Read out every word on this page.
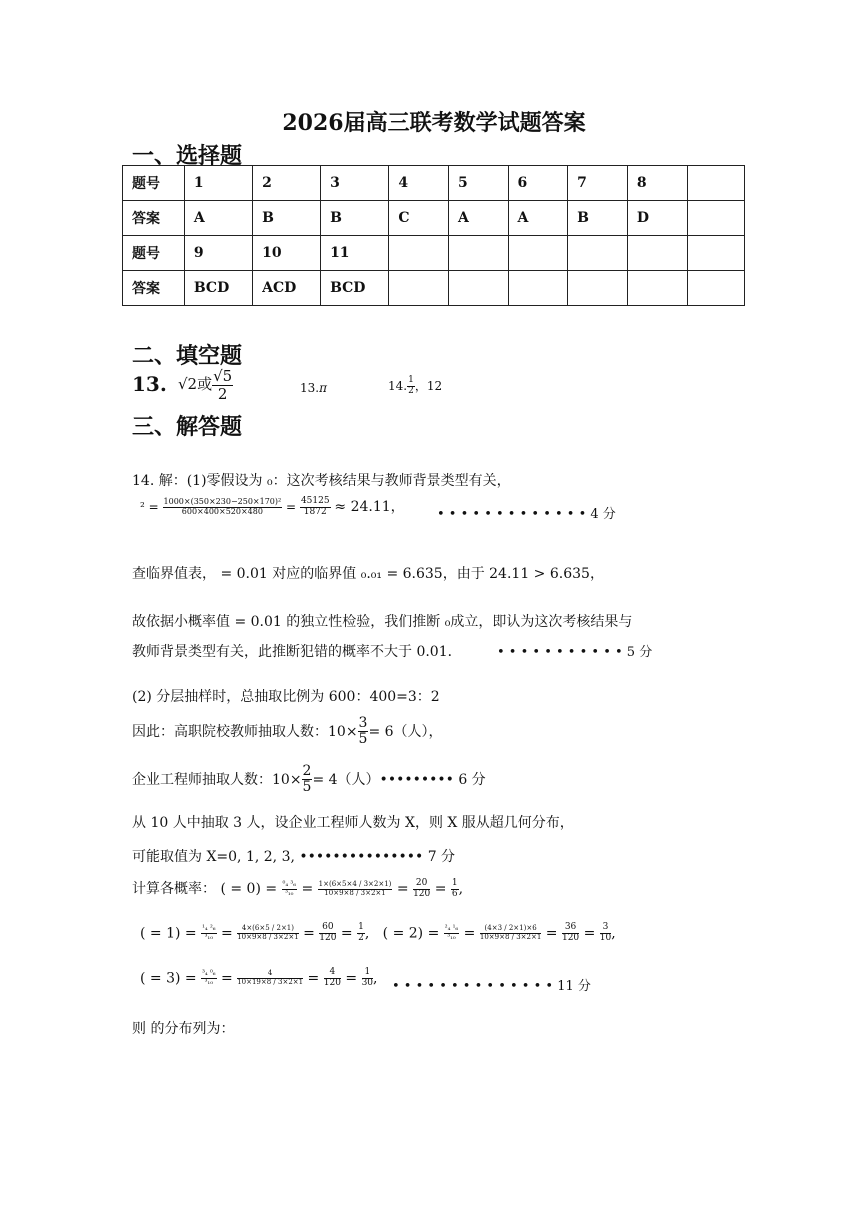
2026届高三联考数学试题答案
一、选择题
题号	1	2	3	4	5	6	7	8	
答案	A	B	B	C	A	A	B	D	
题号	9	10	11						
答案	BCD	ACD	BCD						
二、填空题
13. √2或 $\frac{√5}{2}$	13.π	14. $\frac{1}{2}$ ，12
三、解答题
14. 解：(1)零假设为 ₀：这次考核结果与教师背景类型有关，
$^2 = \frac{\text{1000×(350×230−250×170)²}}{600\times 400\times 520\times 480} = \frac{45125}{1872} \approx 24.11$， • • • • • • • • • • • • • 4 分
查临界值表， = 0.01 对应的临界值 ₀.₀₁ = 6.635，由于 24.11 > 6.635，
故依据小概率值 = 0.01 的独立性检验，我们推断 ₀成立，即认为这次考核结果与
教师背景类型有关，此推断犯错的概率不大于 0.01．	• • • • • • • • • • • 5 分
(2) 分层抽样时，总抽取比例为 600：400=3：2
因此：高职院校教师抽取人数：$10\times \frac{3}{5} = 6$（人），
企业工程师抽取人数：$10\times \frac{2}{5} = 4$（人）••••••••• 6 分
从 10 人中抽取 3 人，设企业工程师人数为 X，则 X 服从超几何分布，
可能取值为 X=0, 1, 2, 3, ••••••••••••••• 7 分
计算各概率： ( = $0) = \frac{\text{⁰₄ ³₆}}{\text{³₁₀}} = \frac{1\times(6\times 5\times 4 / 3\times 2\times 1)}{10\times 9\times 8 / 3\times 2\times 1} = \frac{20}{120} = \frac{1}{6}$ ,
( = $1) = \frac{\text{¹₄ ²₆}}{\text{³₁₀}} = \frac{4\times(6\times 5 / 2\times 1)}{10\times 9\times 8 / 3\times 2\times 1} = \frac{60}{120} = \frac{1}{2}$ ,   ( = $2) = \frac{\text{²₄ ¹₆}}{\text{³₁₀}} = \frac{(4\times 3 / 2\times 1)\times 6}{10\times 9\times 8 / 3\times 2\times 1} = \frac{36}{120} = \frac{3}{10}$ ,
( = $3) = \frac{\text{³₄ ⁰₆}}{\text{³₁₀}} = \frac{4}{10\times 19\times 8 / 3\times 2\times 1} = \frac{4}{120} = \frac{1}{30}$ ,
• • • • • • • • • • • • • • 11 分
则 的分布列为：
